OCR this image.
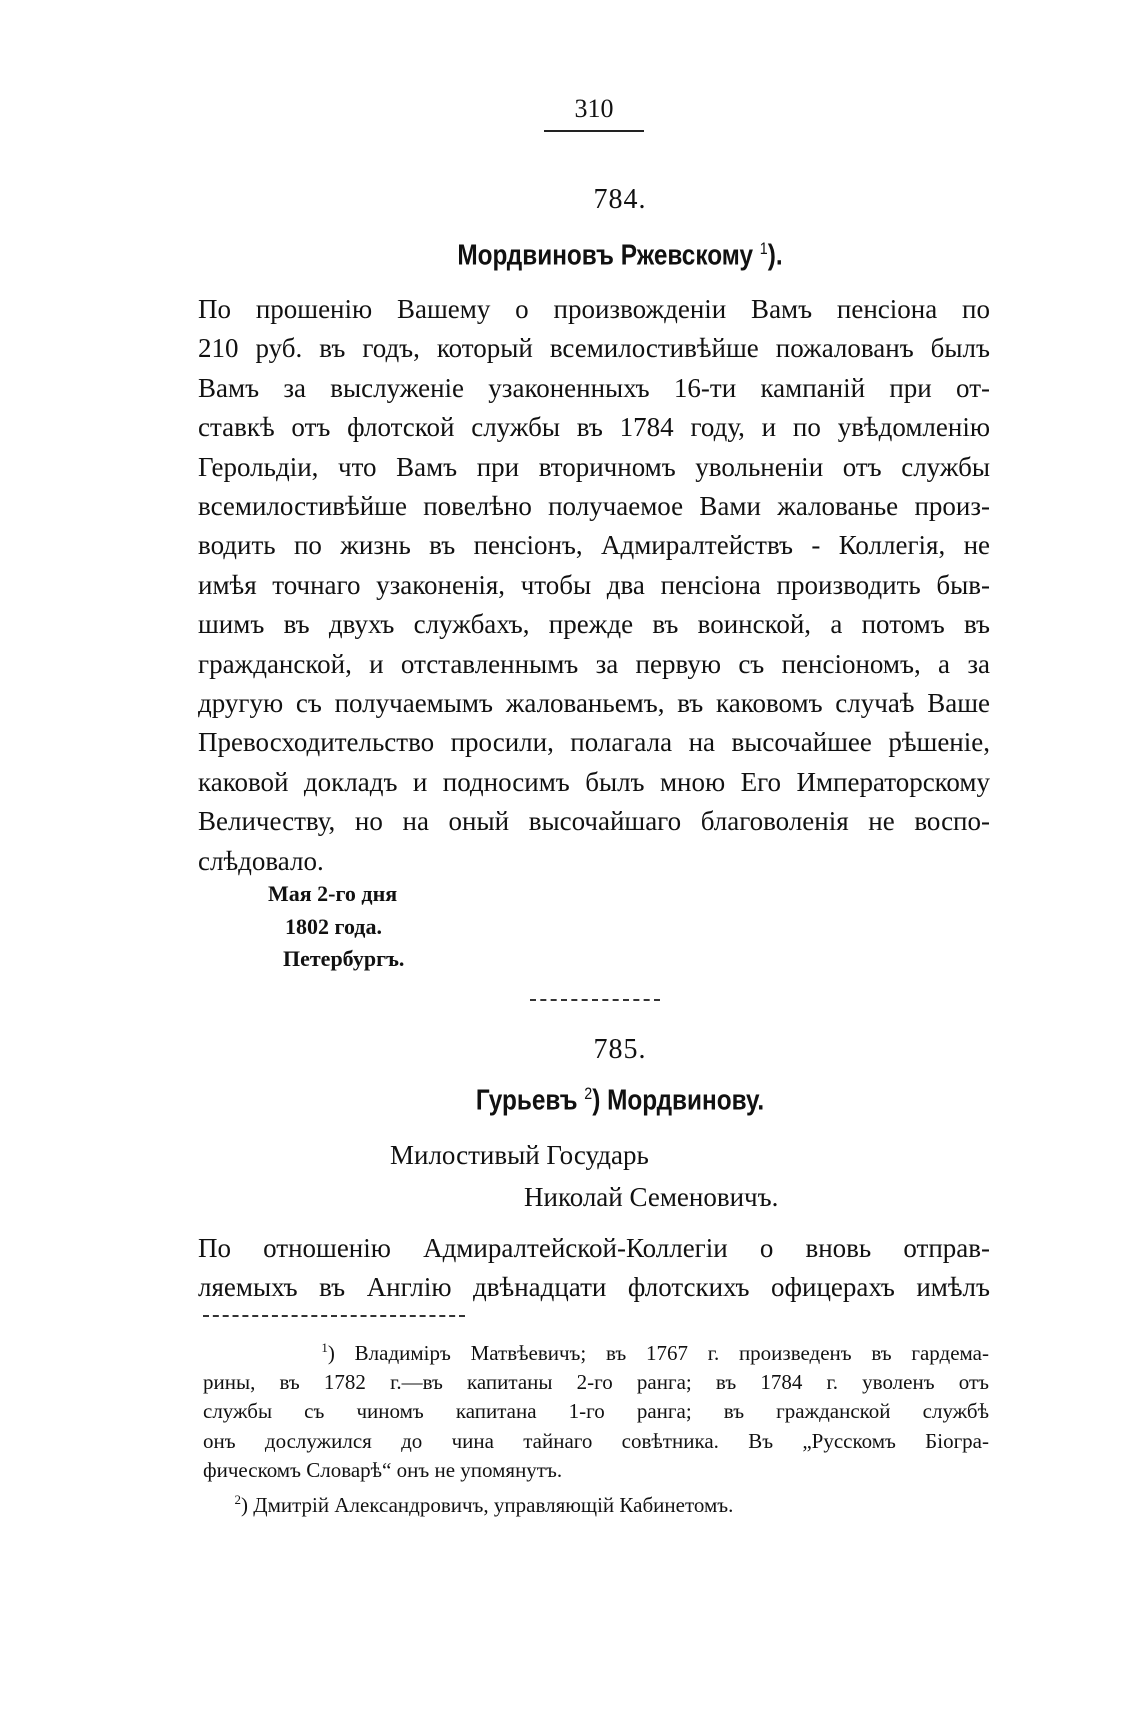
310
784.
Мордвиновъ Ржевскому $^1$).
По прошенію Вашему о произвожденіи Вамъ пенсіона по
210 руб. въ годъ, который всемилостивѣйше пожалованъ былъ
Вамъ за выслуженіе узаконенныхъ 16-ти кампаній при от-
ставкѣ отъ флотской службы въ 1784 году, и по увѣдомленію
Герольдіи, что Вамъ при вторичномъ увольненіи отъ службы
всемилостивѣйше повелѣно получаемое Вами жалованье произ-
водить по жизнь въ пенсіонъ, Адмиралтействъ - Коллегія, не
имѣя точнаго узаконенія, чтобы два пенсіона производить быв-
шимъ въ двухъ службахъ, прежде въ воинской, а потомъ въ
гражданской, и отставленнымъ за первую съ пенсіономъ, а за
другую съ получаемымъ жалованьемъ, въ каковомъ случаѣ Ваше
Превосходительство просили, полагала на высочайшее рѣшеніе,
каковой докладъ и подносимъ былъ мною Его Императорскому
Величеству, но на оный высочайшаго благоволенія не воспо-
слѣдовало.
Мая 2-го дня
1802 года.
Петербургъ.
785.
Гурьевъ $^2$) Мордвинову.
Милостивый Государь
Николай Семеновичъ.
По отношенію Адмиралтейской-Коллегіи о вновь отправ-
ляемыхъ въ Англію двѣнадцати флотскихъ офицерахъ имѣлъ
$^1$) Владиміръ Матвѣевичъ; въ 1767 г. произведенъ въ гардема-
рины, въ 1782 г.—въ капитаны 2-го ранга; въ 1784 г. уволенъ отъ
службы съ чиномъ капитана 1-го ранга; въ гражданской службѣ
онъ дослужился до чина тайнаго совѣтника. Въ „Русскомъ Біогра-
фическомъ Словарѣ“ онъ не упомянутъ.
$^2$) Дмитрій Александровичъ, управляющій Кабинетомъ.
